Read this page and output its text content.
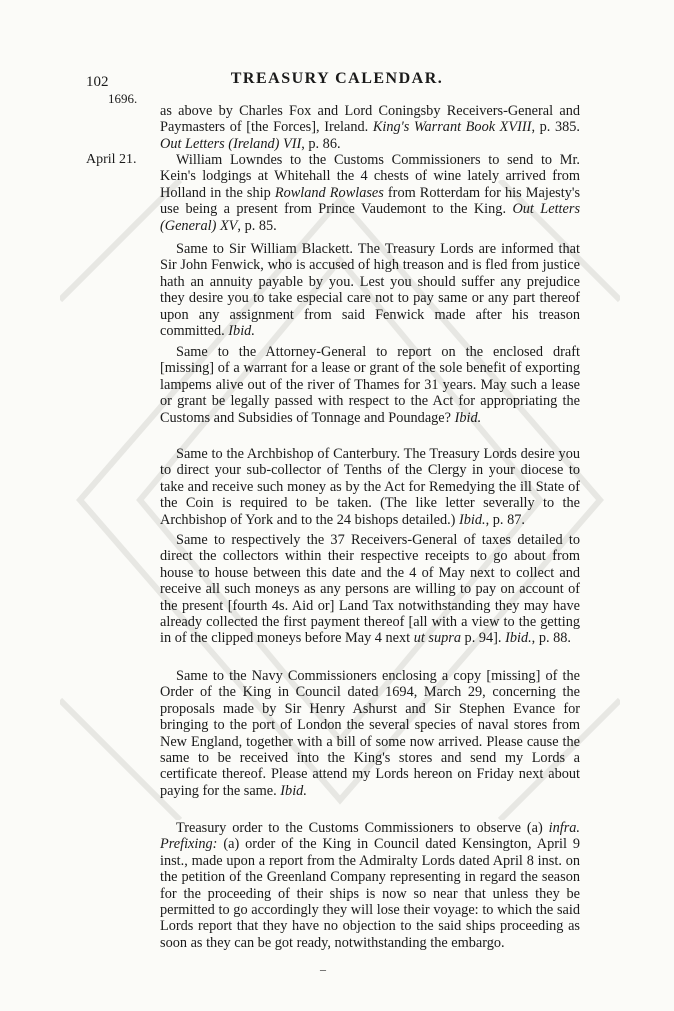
102	TREASURY CALENDAR.
1696.
as above by Charles Fox and Lord Coningsby Receivers-General and Paymasters of [the Forces], Ireland. King's Warrant Book XVIII, p. 385. Out Letters (Ireland) VII, p. 86.
April 21.	William Lowndes to the Customs Commissioners to send to Mr. Kein's lodgings at Whitehall the 4 chests of wine lately arrived from Holland in the ship Rowland Rowlases from Rotterdam for his Majesty's use being a present from Prince Vaudemont to the King. Out Letters (General) XV, p. 85.
Same to Sir William Blackett. The Treasury Lords are informed that Sir John Fenwick, who is accused of high treason and is fled from justice hath an annuity payable by you. Lest you should suffer any prejudice they desire you to take especial care not to pay same or any part thereof upon any assignment from said Fenwick made after his treason committed. Ibid.
Same to the Attorney-General to report on the enclosed draft [missing] of a warrant for a lease or grant of the sole benefit of exporting lampems alive out of the river of Thames for 31 years. May such a lease or grant be legally passed with respect to the Act for appropriating the Customs and Subsidies of Tonnage and Poundage? Ibid.
Same to the Archbishop of Canterbury. The Treasury Lords desire you to direct your sub-collector of Tenths of the Clergy in your diocese to take and receive such money as by the Act for Remedying the ill State of the Coin is required to be taken. (The like letter severally to the Archbishop of York and to the 24 bishops detailed.) Ibid., p. 87.
Same to respectively the 37 Receivers-General of taxes detailed to direct the collectors within their respective receipts to go about from house to house between this date and the 4 of May next to collect and receive all such moneys as any persons are willing to pay on account of the present [fourth 4s. Aid or] Land Tax notwithstanding they may have already collected the first payment thereof [all with a view to the getting in of the clipped moneys before May 4 next ut supra p. 94]. Ibid., p. 88.
Same to the Navy Commissioners enclosing a copy [missing] of the Order of the King in Council dated 1694, March 29, concerning the proposals made by Sir Henry Ashurst and Sir Stephen Evance for bringing to the port of London the several species of naval stores from New England, together with a bill of some now arrived. Please cause the same to be received into the King's stores and send my Lords a certificate thereof. Please attend my Lords hereon on Friday next about paying for the same. Ibid.
Treasury order to the Customs Commissioners to observe (a) infra. Prefixing: (a) order of the King in Council dated Kensington, April 9 inst., made upon a report from the Admiralty Lords dated April 8 inst. on the petition of the Greenland Company representing in regard the season for the proceeding of their ships is now so near that unless they be permitted to go accordingly they will lose their voyage: to which the said Lords report that they have no objection to the said ships proceeding as soon as they can be got ready, notwithstanding the embargo.
–
